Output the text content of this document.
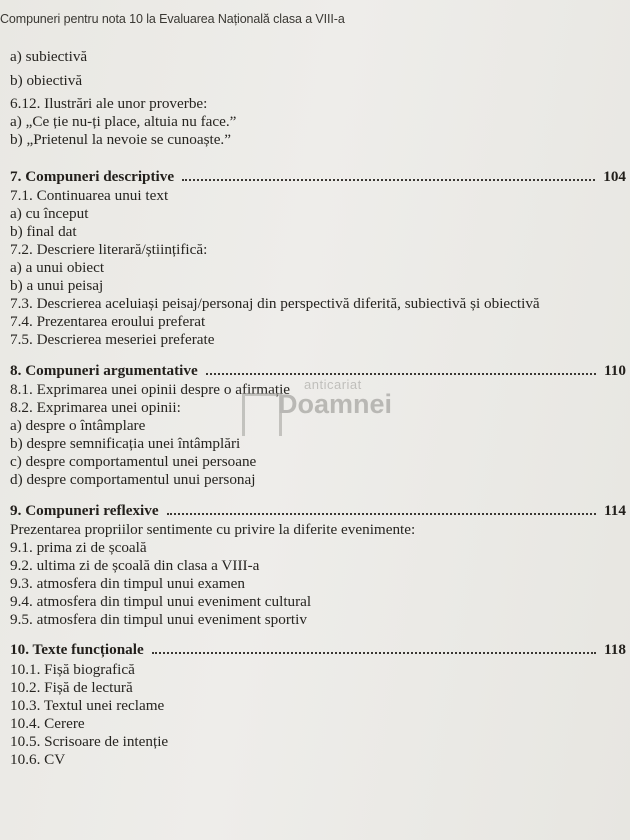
Compuneri pentru nota 10 la Evaluarea Națională clasa a VIII-a
a) subiectivă
b) obiectivă
6.12. Ilustrări ale unor proverbe:
a) „Ce ție nu-ți place, altuia nu face.”
b) „Prietenul la nevoie se cunoaște.”
7. Compuneri descriptive	104
7.1. Continuarea unui text
a) cu început
b) final dat
7.2. Descriere literară/științifică:
a) a unui obiect
b) a unui peisaj
7.3. Descrierea aceluiași peisaj/personaj din perspectivă diferită, subiectivă și obiectivă
7.4. Prezentarea eroului preferat
7.5. Descrierea meseriei preferate
8. Compuneri argumentative	110
8.1. Exprimarea unei opinii despre o afirmație
8.2. Exprimarea unei opinii:
a) despre o întâmplare
b) despre semnificația unei întâmplări
c) despre comportamentul unei persoane
d) despre comportamentul unui personaj
anticariat
Doamnei
9. Compuneri reflexive	114
Prezentarea propriilor sentimente cu privire la diferite evenimente:
9.1. prima zi de școală
9.2. ultima zi de școală din clasa a VIII-a
9.3. atmosfera din timpul unui examen
9.4. atmosfera din timpul unui eveniment cultural
9.5. atmosfera din timpul unui eveniment sportiv
10. Texte funcționale	118
10.1. Fișă biografică
10.2. Fișă de lectură
10.3. Textul unei reclame
10.4. Cerere
10.5. Scrisoare de intenție
10.6. CV
